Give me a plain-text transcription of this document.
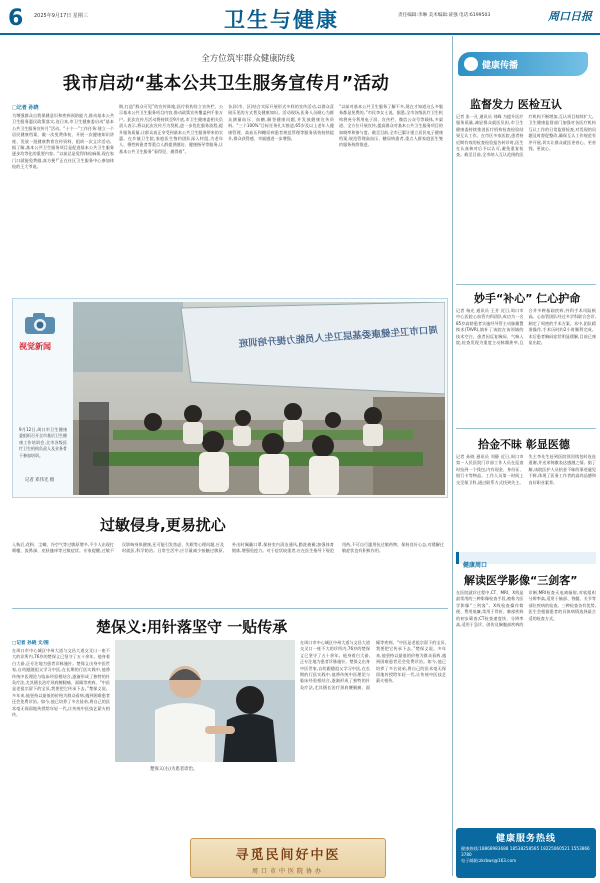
6 2025年9月17日 星期三	卫生与健康	责任编辑:李琳 美术编辑:聂强 电话:6199503	周口日报
全方位筑牢群众健康防线
我市启动“基本公共卫生服务宣传月”活动
□记者 孙晓
为增强群众自我保健意识和疾病预防能力,推动基本公共卫生服务惠民政策落实,连日来,市卫生健康委启动“基本公共卫生服务宣传月”活动。“十个一”工作任务:建立一个居民健康档案、做一次免费体检、开展一次健康知识讲座、发放一批健康教育宣传资料、组织一次义诊活动。据了解,基本公共卫生服务项目是促进基本公共卫生服务逐步均等化的重要内容。“以前总是觉得体检麻烦,现在家门口就能免费做,真方便!”正在社区卫生服务中心参加体检的王大爷说。
期,打造“群众可见”的宣传阵地;医疗机构设立宣传栏、公示基本公共卫生服务项目内容,推动政策宣传覆盖到千家万户。此次宣传月活动将持续至9月底,市卫生健康委相关负责人表示,将以此次宣传月为契机,进一步优化服务流程,提升服务质量,让群众真正享受到基本公共卫生服务带来的实惠。在乡镇卫生院,家庭医生签约团队深入村组,为老年人、慢性病患者等重点人群提供随访、健康指导等服务,让基本公共卫生服务“看得见、摸得着”。
各县(市、区)结合实际开展形式多样的宣传活动,以群众喜闻乐见的方式普及健康知识。活动现场,医务人员耐心为群众测量血压、血糖,解答健康问题,并发放健康宣传资料。“三个100%”目标任务扎实推进,65岁及以上老年人健康管理、高血压和糖尿病患者规范管理等服务质效持续提升,群众获得感、幸福感进一步增强。
“以前对基本公共卫生服务了解不多,现在才知道这么多服务都是免费的。”市民李女士说。据悉,全市各级医疗卫生机构将充分利用电子屏、宣传栏、微信公众号等载体,多渠道、全方位开展宣传,提高群众对基本公共卫生服务项目的知晓率和参与度。截至目前,全市已累计建立居民电子健康档案,规范管理高血压、糖尿病患者,重点人群家庭医生签约服务持续推进。
视觉新闻
9月12日,周口市卫生健康委组织召开全市基层卫生健康工作培训会,全市各级医疗卫生机构负责人及业务骨干参加培训。
记者 邓伟光 摄
周口市卫生健康委基层卫生人员能力提升培训班
过敏侵身,更易扰心
入秋后,花粉、尘螨、冷空气等过敏原增多,不少人出现打喷嚏、流鼻涕、皮肤瘙痒等过敏症状。专家提醒,过敏不仅影响身体健康,还可能引发焦虑、失眠等心理问题,应及时就医,科学防治。日常生活中,应尽量减少接触过敏原,外出时佩戴口罩,保持室内清洁通风,勤洗被褥;加强体育锻炼,增强免疫力。对于症状较重者,应在医生指导下规范用药,不可自行滥用抗过敏药物。保持良好心态,对缓解过敏症状也有积极作用。
楚保义:用针落坚守 一贴传承
□记者 孙晓 文/图
在周口市中心城区中州大道与文昌大道交叉口一座不大的诊所内,76岁的楚保义已坚守了五十余年。他身着白大褂,正专注地为患者诊脉施针。楚保义出身中医世家,自幼跟随祖父学习中医,在长期的行医实践中,他将传统中医理论与临床经验相结合,逐渐形成了独特的针灸疗法,尤其擅长治疗颈肩腰腿痛、面瘫等疾病。“中医是老祖宗留下的宝贝,我要把它传承下去。”楚保义说。多年来,他坚持以最低的价格为群众看病,遇到困难患者还会免费诊治。如今,他已培养了多名徒弟,将自己的医术毫无保留地传授给年轻一代,让传统中医技艺薪火相传。
楚保义(右)为患者诊治。
在周口市中心城区中州大道与文昌大道交叉口一座不大的诊所内,76岁的楚保义已坚守了五十余年。他身着白大褂,正专注地为患者诊脉施针。楚保义出身中医世家,自幼跟随祖父学习中医,在长期的行医实践中,他将传统中医理论与临床经验相结合,逐渐形成了独特的针灸疗法,尤其擅长治疗颈肩腰腿痛、面瘫等疾病。“中医是老祖宗留下的宝贝,我要把它传承下去。”楚保义说。多年来,他坚持以最低的价格为群众看病,遇到困难患者还会免费诊治。如今,他已培养了多名徒弟,将自己的医术毫无保留地传授给年轻一代,让传统中医技艺薪火相传。
寻觅民间好中医
周口市中医院协办
健康传播
监督发力 医检互认
记者 张一凡 通讯员 刘峰 为提升医疗服务质量,减轻群众就医负担,市卫生健康委持续推进医疗机构检查检验结果互认工作。在市区多家医院,患者持近期有效的检查检验报告转诊时,医生在认真核对后予以认可,避免重复检查。截至目前,全市纳入互认范围的医疗机构不断增加,互认项目持续扩大。卫生健康监督部门加强对各医疗机构互认工作的日常监督检查,对发现的问题及时督促整改,确保互认工作规范有序开展,切实让群众就医更省心、更省钱、更放心。
妙手“补心” 仁心护命
记者 杨光 通讯员 王芳 近日,周口市中心医院心血管内科团队成功为一名85岁高龄患者实施经导管主动脉瓣置换术(TAVR),填补了该院在该领域的技术空白。患者因反复胸闷、气喘入院,检查发现为重度主动脉瓣狭窄,且合并多种基础疾病,外科手术风险极高。心血管团队经过多学科联合会诊,制定了周密的手术方案。术中,团队精准操作,手术历时约2小时顺利完成。术后患者胸闷症状明显缓解,目前已康复出院。
拾金不昧 彰显医德
记者 孙晓 通讯员 刘静 近日,周口市第一人民医院门诊部工作人员在巡查时捡到一个钱包,内有现金、身份证、银行卡等物品。工作人员第一时间上交至保卫科,通过联系方式找到失主。失主李先生赶到医院领回钱包时连连道谢,并送来锦旗表达感激之情。据了解,该院医护人员拾金不昧的事迹屡见不鲜,体现了医务工作者的高尚品德和良好职业素养。
健康周口
解读医学影像“三剑客”
在医院就诊过程中,CT、MRI、X线是最常用的三种影像检查手段,被称为医学影像“三剑客”。X线检查操作简便、费用低廉,常用于骨折、肺部疾病的初步筛查;CT检查速度快、分辨率高,适用于急诊、创伤及胸腹部疾病的诊断;MRI检查无电离辐射,对软组织分辨率高,适用于脑部、脊髓、关节等部位疾病的检查。三种检查各有优势,医生会根据患者的具体病情选择最合适的检查方式。
健康服务热线
健康热线:18868983688 18538258565 18225060521 15538663780
电子邮箱:zkrbws@163.com
